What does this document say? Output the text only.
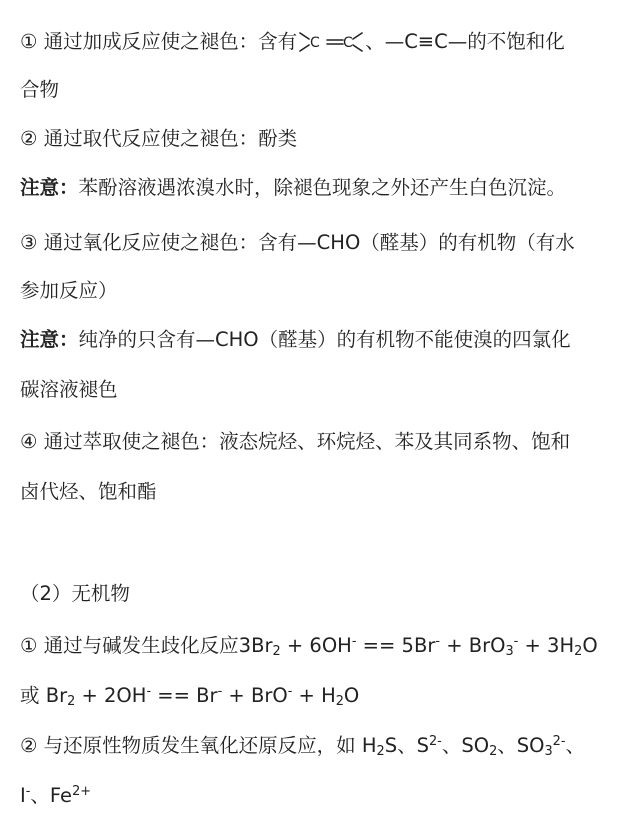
① 通过加成反应使之褪色：含有 C C 、—C≡C—的不饱和化
合物
② 通过取代反应使之褪色：酚类
注意：苯酚溶液遇浓溴水时，除褪色现象之外还产生白色沉淀。
③ 通过氧化反应使之褪色：含有—CHO（醛基）的有机物（有水
参加反应）
注意：纯净的只含有—CHO（醛基）的有机物不能使溴的四氯化
碳溶液褪色
④ 通过萃取使之褪色：液态烷烃、环烷烃、苯及其同系物、饱和
卤代烃、饱和酯
（2）无机物
① 通过与碱发生歧化反应$3Br_2 + 6OH^- == 5Br^- + BrO_3^- + 3H_2O$
或 $Br_2 + 2OH^- == Br^- + BrO^- + H_2O$
② 与还原性物质发生氧化还原反应，如 $H_2S$、$S^{2-}$、$SO_2$、$SO_3^{2-}$、
I-、$Fe^{2+}$
